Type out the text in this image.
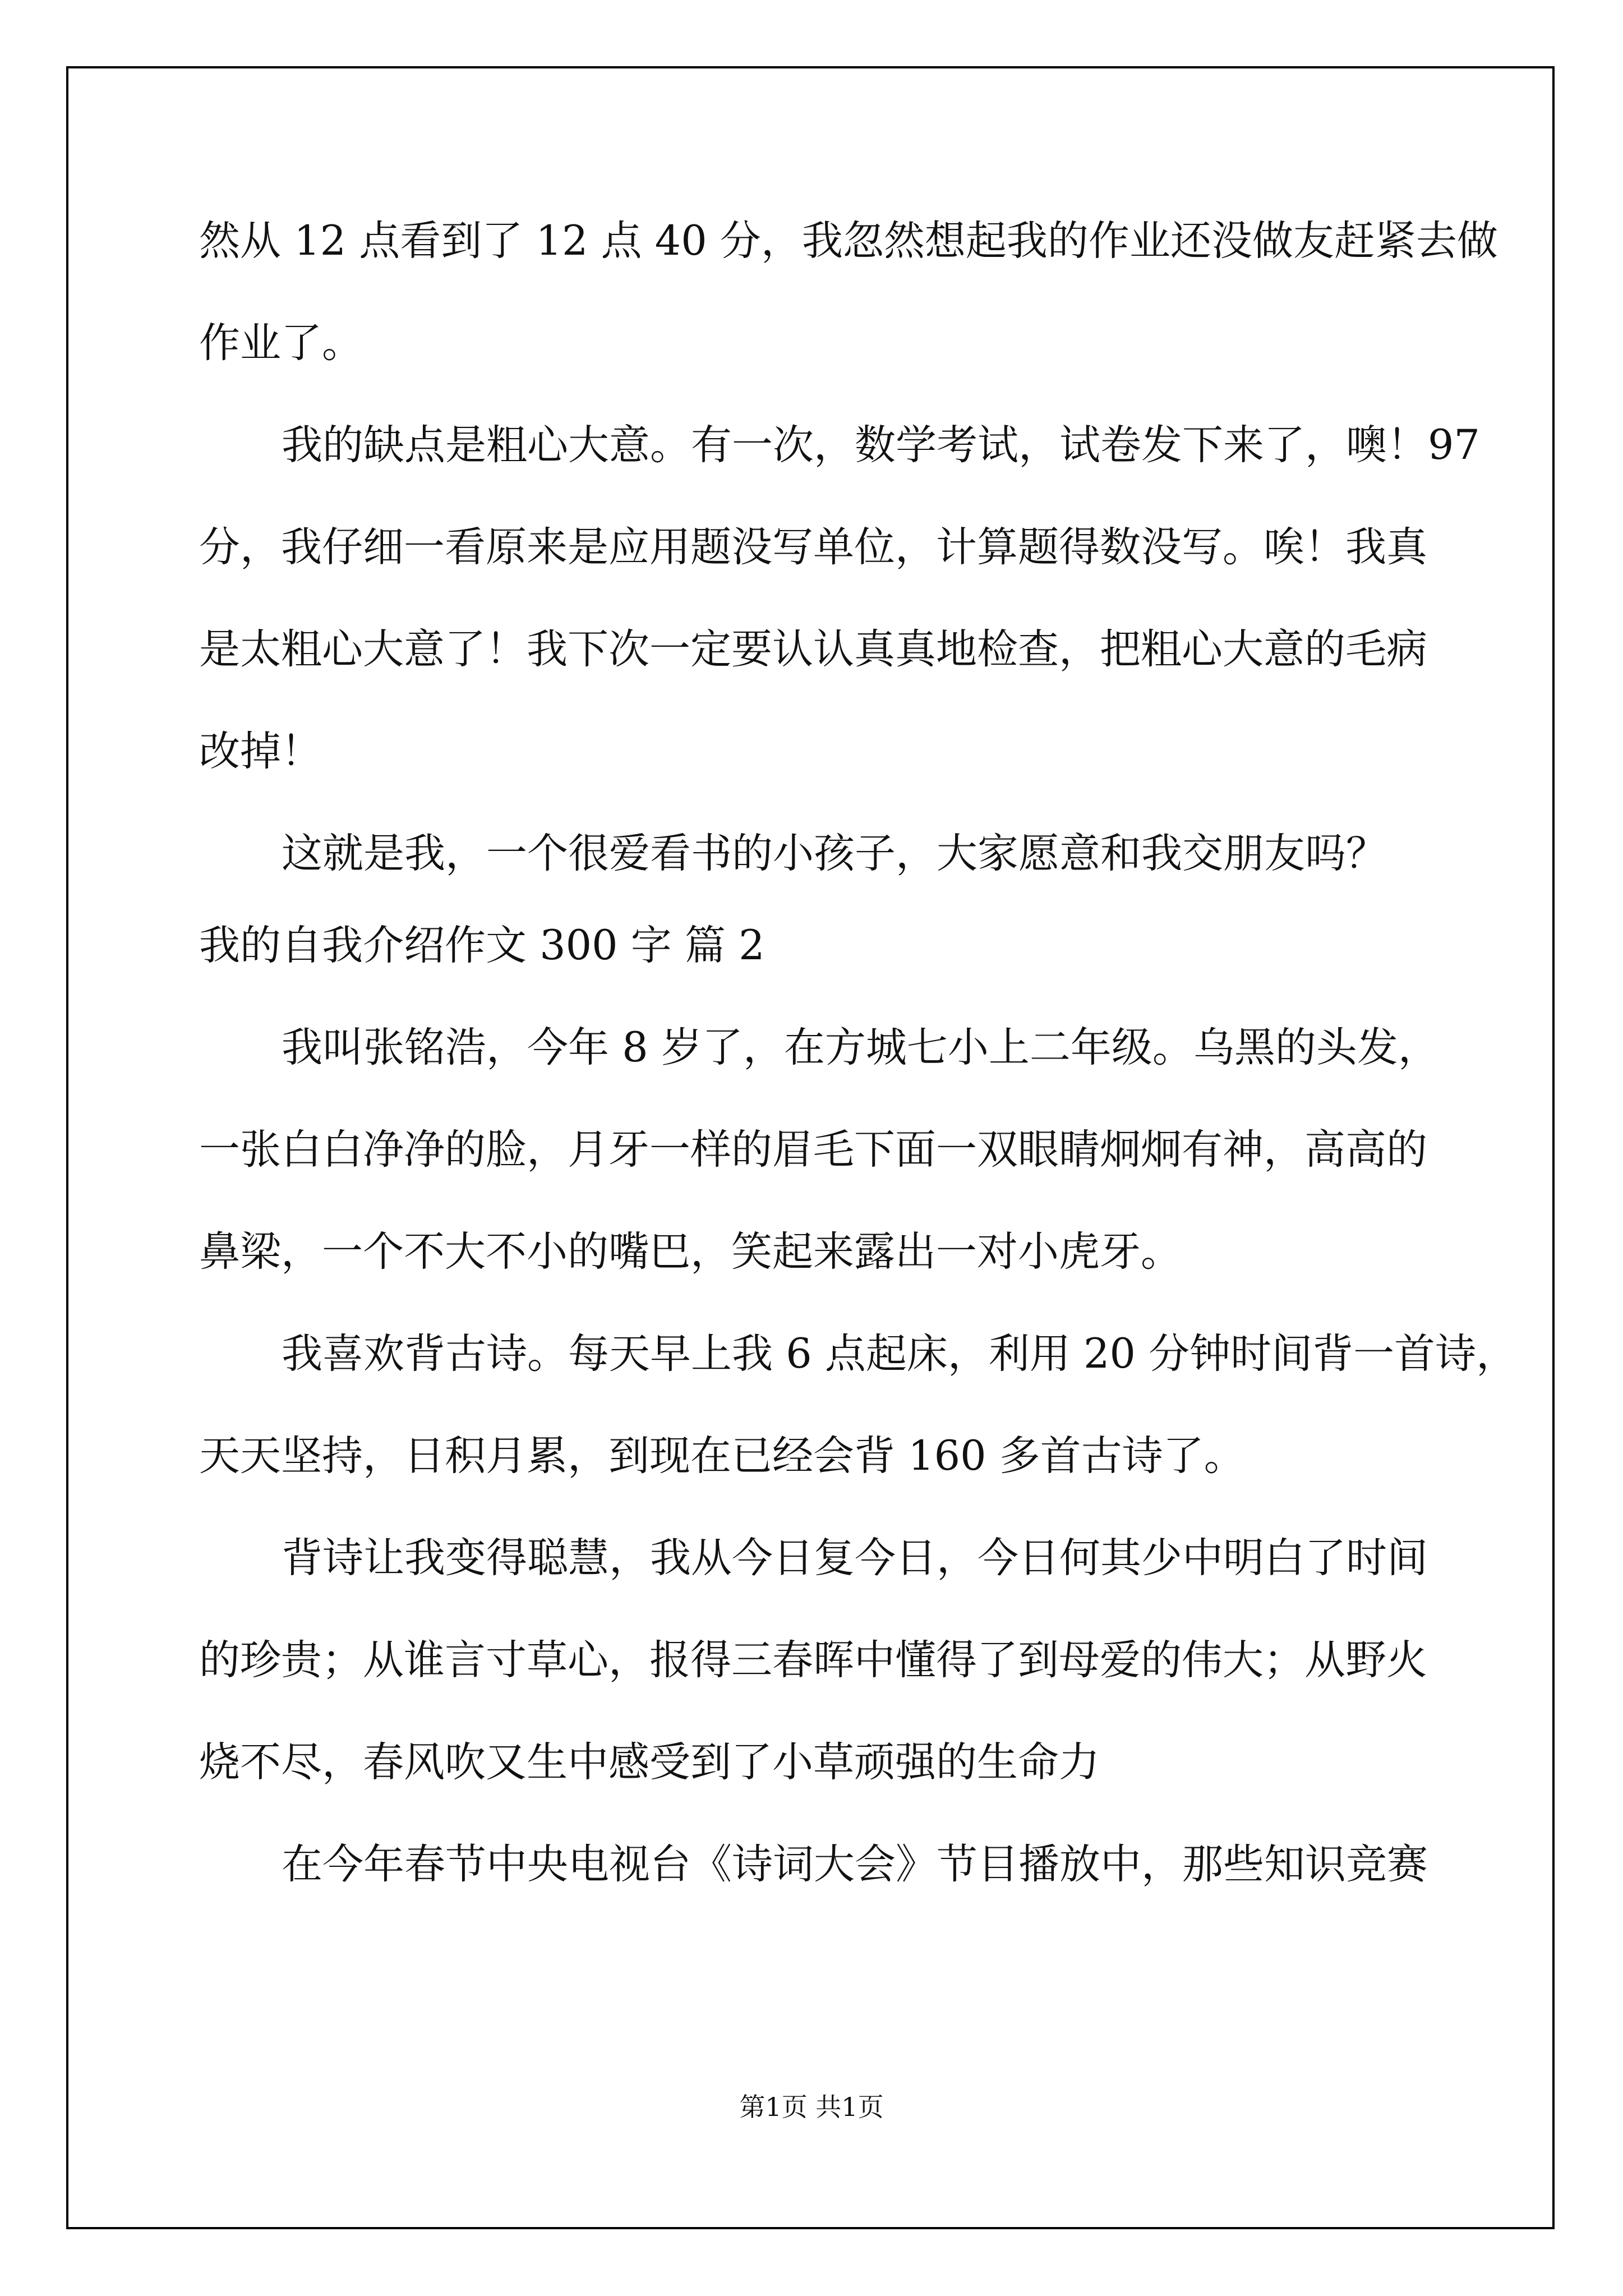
然从 12 点看到了 12 点 40 分，我忽然想起我的作业还没做友赶紧去做
作业了。
我的缺点是粗心大意。有一次，数学考试，试卷发下来了，噢！97
分，我仔细一看原来是应用题没写单位，计算题得数没写。唉！我真
是太粗心大意了！我下次一定要认认真真地检查，把粗心大意的毛病
改掉！
这就是我，一个很爱看书的小孩子，大家愿意和我交朋友吗？
我的自我介绍作文 300 字 篇 2
我叫张铭浩，今年 8 岁了，在方城七小上二年级。乌黑的头发，
一张白白净净的脸，月牙一样的眉毛下面一双眼睛炯炯有神，高高的
鼻梁，一个不大不小的嘴巴，笑起来露出一对小虎牙。
我喜欢背古诗。每天早上我 6 点起床，利用 20 分钟时间背一首诗，
天天坚持，日积月累，到现在已经会背 160 多首古诗了。
背诗让我变得聪慧，我从今日复今日，今日何其少中明白了时间
的珍贵；从谁言寸草心，报得三春晖中懂得了到母爱的伟大；从野火
烧不尽，春风吹又生中感受到了小草顽强的生命力
在今年春节中央电视台《诗词大会》节目播放中，那些知识竞赛
第1页 共1页
